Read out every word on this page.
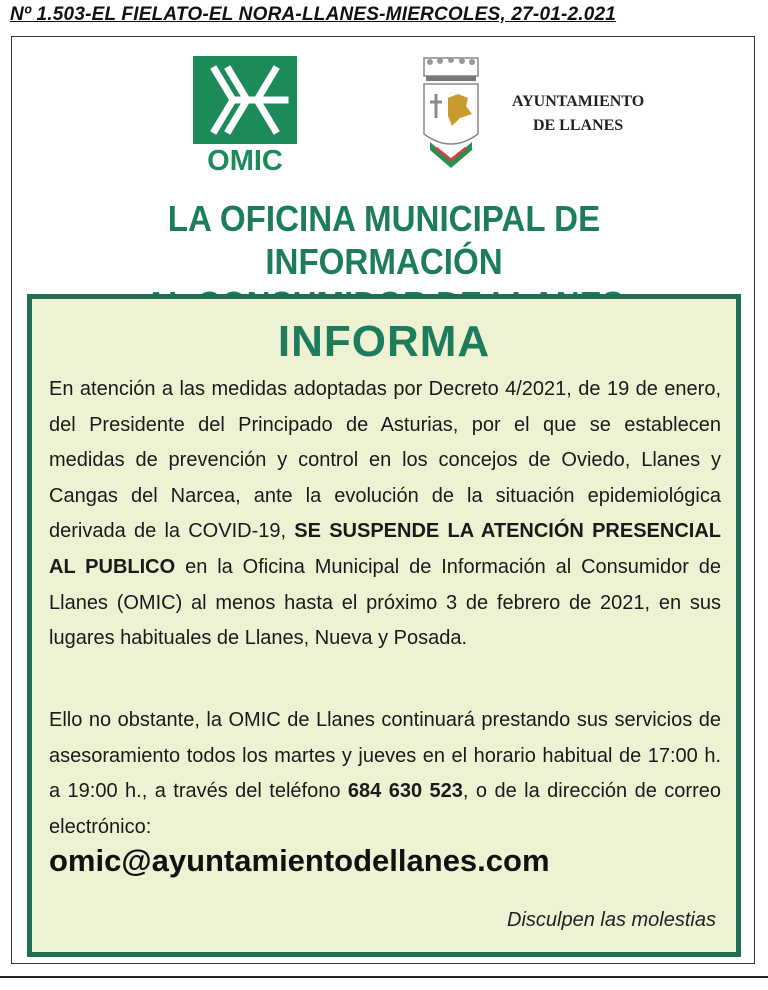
Nº 1.503-EL FIELATO-EL NORA-LLANES-MIERCOLES, 27-01-2.021
OMIC
AYUNTAMIENTO
DE LLANES
LA OFICINA MUNICIPAL DE INFORMACIÓN
INFORMA
En atención a las medidas adoptadas por Decreto 4/2021, de 19 de enero, del Presidente del Principado de Asturias, por el que se establecen medidas de prevención y control en los concejos de Oviedo, Llanes y Cangas del Narcea, ante la evolución de la situación epidemiológica derivada de la COVID-19, SE SUSPENDE LA ATENCIÓN PRESENCIAL AL PUBLICO en la Oficina Municipal de Información al Consumidor de Llanes (OMIC) al menos hasta el próximo 3 de febrero de 2021, en sus lugares habituales de Llanes, Nueva y Posada.
Ello no obstante, la OMIC de Llanes continuará prestando sus servicios de asesoramiento todos los martes y jueves en el horario habitual de 17:00 h. a 19:00 h., a través del teléfono 684 630 523, o de la dirección de correo electrónico:
omic@ayuntamientodellanes.com
Disculpen las molestias
